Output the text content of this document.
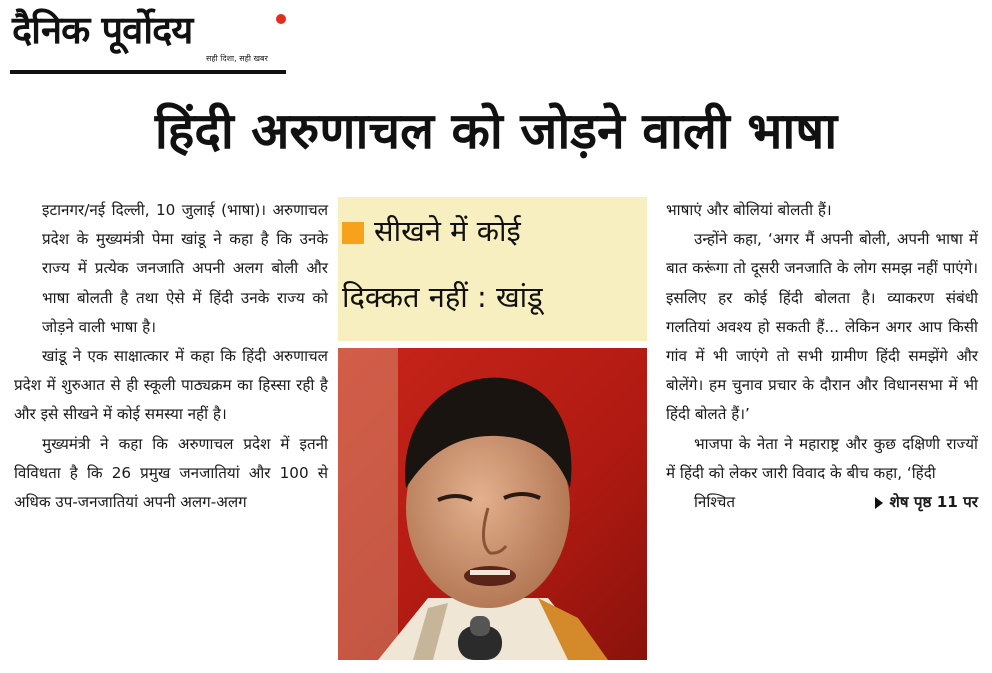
दैनिक पूर्वोदय
सही दिशा, सही खबर
हिंदी अरुणाचल को जोड़ने वाली भाषा

इटानगर/नई दिल्ली, 10 जुलाई (भाषा)। अरुणाचल प्रदेश के मुख्यमंत्री पेमा खांडू ने कहा है कि उनके राज्य में प्रत्येक जनजाति अपनी अलग बोली और भाषा बोलती है तथा ऐसे में हिंदी उनके राज्य को जोड़ने वाली भाषा है।

खांडू ने एक साक्षात्कार में कहा कि हिंदी अरुणाचल प्रदेश में शुरुआत से ही स्कूली पाठ्यक्रम का हिस्सा रही है और इसे सीखने में कोई समस्या नहीं है।

मुख्यमंत्री ने कहा कि अरुणाचल प्रदेश में इतनी विविधता है कि 26 प्रमुख जनजातियां और 100 से अधिक उप-जनजातियां अपनी अलग-अलग

सीखने में कोई
दिक्कत नहीं : खांडू

भाषाएं और बोलियां बोलती हैं।

उन्होंने कहा, ‘अगर मैं अपनी बोली, अपनी भाषा में बात करूंगा तो दूसरी जनजाति के लोग समझ नहीं पाएंगे। इसलिए हर कोई हिंदी बोलता है। व्याकरण संबंधी गलतियां अवश्य हो सकती हैं... लेकिन अगर आप किसी गांव में भी जाएंगे तो सभी ग्रामीण हिंदी समझेंगे और बोलेंगे। हम चुनाव प्रचार के दौरान और विधानसभा में भी हिंदी बोलते हैं।’

भाजपा के नेता ने महाराष्ट्र और कुछ दक्षिणी राज्यों में हिंदी को लेकर जारी विवाद के बीच कहा, ‘हिंदी

निश्चित	शेष पृष्ठ 11 पर
